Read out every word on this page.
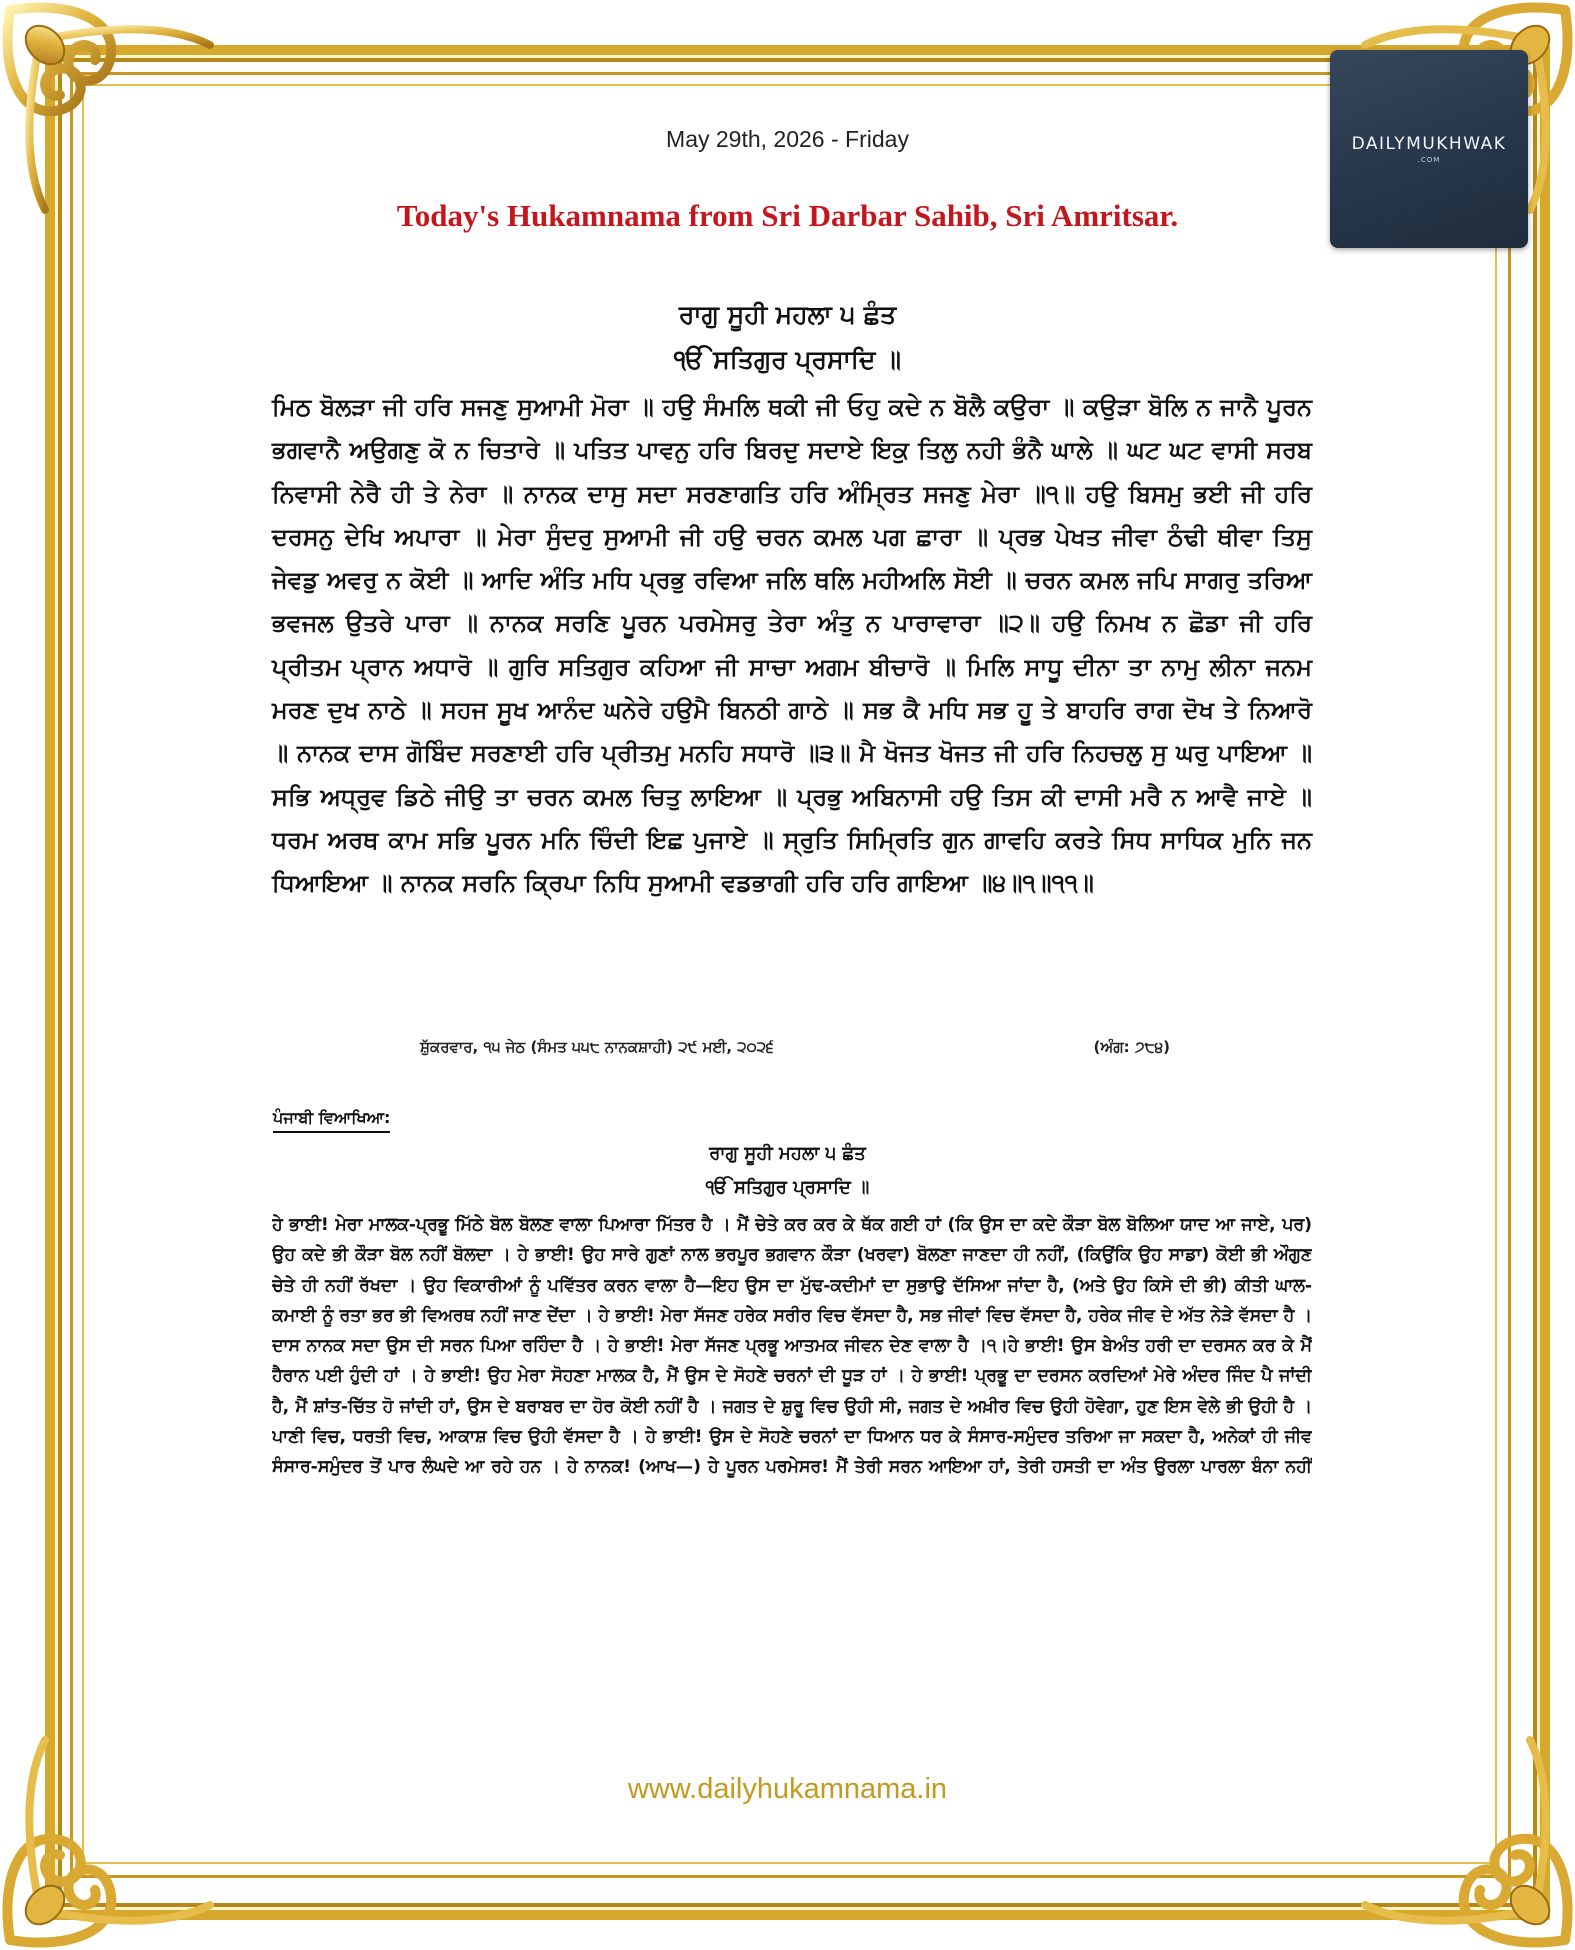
DAILYMUKHWAK
.COM
May 29th, 2026 - Friday
Today's Hukamnama from Sri Darbar Sahib, Sri Amritsar.
ਰਾਗੁ ਸੂਹੀ ਮਹਲਾ ੫ ਛੰਤ
ੴ ਸਤਿਗੁਰ ਪ੍ਰਸਾਦਿ ॥

ਮਿਠ ਬੋਲੜਾ ਜੀ ਹਰਿ ਸਜਣੁ ਸੁਆਮੀ ਮੋਰਾ ॥ ਹਉ ਸੰਮਲਿ ਥਕੀ ਜੀ ਓਹੁ ਕਦੇ ਨ ਬੋਲੈ ਕਉਰਾ ॥ ਕਉੜਾ ਬੋਲਿ ਨ ਜਾਨੈ ਪੂਰਨ ਭਗਵਾਨੈ ਅਉਗਣੁ ਕੋ ਨ ਚਿਤਾਰੇ ॥ ਪਤਿਤ ਪਾਵਨੁ ਹਰਿ ਬਿਰਦੁ ਸਦਾਏ ਇਕੁ ਤਿਲੁ ਨਹੀ ਭੰਨੈ ਘਾਲੇ ॥ ਘਟ ਘਟ ਵਾਸੀ ਸਰਬ ਨਿਵਾਸੀ ਨੇਰੈ ਹੀ ਤੇ ਨੇਰਾ ॥ ਨਾਨਕ ਦਾਸੁ ਸਦਾ ਸਰਣਾਗਤਿ ਹਰਿ ਅੰਮ੍ਰਿਤ ਸਜਣੁ ਮੇਰਾ ॥੧॥ ਹਉ ਬਿਸਮੁ ਭਈ ਜੀ ਹਰਿ ਦਰਸਨੁ ਦੇਖਿ ਅਪਾਰਾ ॥ ਮੇਰਾ ਸੁੰਦਰੁ ਸੁਆਮੀ ਜੀ ਹਉ ਚਰਨ ਕਮਲ ਪਗ ਛਾਰਾ ॥ ਪ੍ਰਭ ਪੇਖਤ ਜੀਵਾ ਠੰਢੀ ਥੀਵਾ ਤਿਸੁ ਜੇਵਡੁ ਅਵਰੁ ਨ ਕੋਈ ॥ ਆਦਿ ਅੰਤਿ ਮਧਿ ਪ੍ਰਭੁ ਰਵਿਆ ਜਲਿ ਥਲਿ ਮਹੀਅਲਿ ਸੋਈ ॥ ਚਰਨ ਕਮਲ ਜਪਿ ਸਾਗਰੁ ਤਰਿਆ ਭਵਜਲ ਉਤਰੇ ਪਾਰਾ ॥ ਨਾਨਕ ਸਰਣਿ ਪੂਰਨ ਪਰਮੇਸਰੁ ਤੇਰਾ ਅੰਤੁ ਨ ਪਾਰਾਵਾਰਾ ॥੨॥ ਹਉ ਨਿਮਖ ਨ ਛੋਡਾ ਜੀ ਹਰਿ ਪ੍ਰੀਤਮ ਪ੍ਰਾਨ ਅਧਾਰੋ ॥ ਗੁਰਿ ਸਤਿਗੁਰ ਕਹਿਆ ਜੀ ਸਾਚਾ ਅਗਮ ਬੀਚਾਰੋ ॥ ਮਿਲਿ ਸਾਧੂ ਦੀਨਾ ਤਾ ਨਾਮੁ ਲੀਨਾ ਜਨਮ ਮਰਣ ਦੁਖ ਨਾਠੇ ॥ ਸਹਜ ਸੂਖ ਆਨੰਦ ਘਨੇਰੇ ਹਉਮੈ ਬਿਨਠੀ ਗਾਠੇ ॥ ਸਭ ਕੈ ਮਧਿ ਸਭ ਹੂ ਤੇ ਬਾਹਰਿ ਰਾਗ ਦੋਖ ਤੇ ਨਿਆਰੋ ॥ ਨਾਨਕ ਦਾਸ ਗੋਬਿੰਦ ਸਰਣਾਈ ਹਰਿ ਪ੍ਰੀਤਮੁ ਮਨਹਿ ਸਧਾਰੋ ॥੩॥ ਮੈ ਖੋਜਤ ਖੋਜਤ ਜੀ ਹਰਿ ਨਿਹਚਲੁ ਸੁ ਘਰੁ ਪਾਇਆ ॥ ਸਭਿ ਅਧ੍ਰੁਵ ਡਿਠੇ ਜੀਉ ਤਾ ਚਰਨ ਕਮਲ ਚਿਤੁ ਲਾਇਆ ॥ ਪ੍ਰਭੁ ਅਬਿਨਾਸੀ ਹਉ ਤਿਸ ਕੀ ਦਾਸੀ ਮਰੈ ਨ ਆਵੈ ਜਾਏ ॥ ਧਰਮ ਅਰਥ ਕਾਮ ਸਭਿ ਪੂਰਨ ਮਨਿ ਚਿੰਦੀ ਇਛ ਪੁਜਾਏ ॥ ਸ੍ਰੁਤਿ ਸਿਮ੍ਰਿਤਿ ਗੁਨ ਗਾਵਹਿ ਕਰਤੇ ਸਿਧ ਸਾਧਿਕ ਮੁਨਿ ਜਨ ਧਿਆਇਆ ॥ ਨਾਨਕ ਸਰਨਿ ਕ੍ਰਿਪਾ ਨਿਧਿ ਸੁਆਮੀ ਵਡਭਾਗੀ ਹਰਿ ਹਰਿ ਗਾਇਆ ॥੪॥੧॥੧੧॥

ਸ਼ੁੱਕਰਵਾਰ, ੧੫ ਜੇਠ (ਸੰਮਤ ੫੫੮ ਨਾਨਕਸ਼ਾਹੀ) ੨੯ ਮਈ, ੨੦੨੬	(ਅੰਗ: ੭੮੪)
ਪੰਜਾਬੀ ਵਿਆਖਿਆ:
ਰਾਗੁ ਸੂਹੀ ਮਹਲਾ ੫ ਛੰਤ
ੴ ਸਤਿਗੁਰ ਪ੍ਰਸਾਦਿ ॥

ਹੇ ਭਾਈ! ਮੇਰਾ ਮਾਲਕ-ਪ੍ਰਭੂ ਮਿੱਠੇ ਬੋਲ ਬੋਲਣ ਵਾਲਾ ਪਿਆਰਾ ਮਿੱਤਰ ਹੈ । ਮੈਂ ਚੇਤੇ ਕਰ ਕਰ ਕੇ ਥੱਕ ਗਈ ਹਾਂ (ਕਿ ਉਸ ਦਾ ਕਦੇ ਕੌੜਾ ਬੋਲ ਬੋਲਿਆ ਯਾਦ ਆ ਜਾਏ, ਪਰ) ਉਹ ਕਦੇ ਭੀ ਕੌੜਾ ਬੋਲ ਨਹੀਂ ਬੋਲਦਾ । ਹੇ ਭਾਈ! ਉਹ ਸਾਰੇ ਗੁਣਾਂ ਨਾਲ ਭਰਪੂਰ ਭਗਵਾਨ ਕੌੜਾ (ਖਰਵਾ) ਬੋਲਣਾ ਜਾਣਦਾ ਹੀ ਨਹੀਂ, (ਕਿਉਂਕਿ ਉਹ ਸਾਡਾ) ਕੋਈ ਭੀ ਔਗੁਣ ਚੇਤੇ ਹੀ ਨਹੀਂ ਰੱਖਦਾ । ਉਹ ਵਿਕਾਰੀਆਂ ਨੂੰ ਪਵਿੱਤਰ ਕਰਨ ਵਾਲਾ ਹੈ—ਇਹ ਉਸ ਦਾ ਮੁੱਢ-ਕਦੀਮਾਂ ਦਾ ਸੁਭਾਉ ਦੱਸਿਆ ਜਾਂਦਾ ਹੈ, (ਅਤੇ ਉਹ ਕਿਸੇ ਦੀ ਭੀ) ਕੀਤੀ ਘਾਲ-ਕਮਾਈ ਨੂੰ ਰਤਾ ਭਰ ਭੀ ਵਿਅਰਥ ਨਹੀਂ ਜਾਣ ਦੇਂਦਾ । ਹੇ ਭਾਈ! ਮੇਰਾ ਸੱਜਣ ਹਰੇਕ ਸਰੀਰ ਵਿਚ ਵੱਸਦਾ ਹੈ, ਸਭ ਜੀਵਾਂ ਵਿਚ ਵੱਸਦਾ ਹੈ, ਹਰੇਕ ਜੀਵ ਦੇ ਅੱਤ ਨੇੜੇ ਵੱਸਦਾ ਹੈ । ਦਾਸ ਨਾਨਕ ਸਦਾ ਉਸ ਦੀ ਸਰਨ ਪਿਆ ਰਹਿੰਦਾ ਹੈ । ਹੇ ਭਾਈ! ਮੇਰਾ ਸੱਜਣ ਪ੍ਰਭੂ ਆਤਮਕ ਜੀਵਨ ਦੇਣ ਵਾਲਾ ਹੈ ।੧।ਹੇ ਭਾਈ! ਉਸ ਬੇਅੰਤ ਹਰੀ ਦਾ ਦਰਸਨ ਕਰ ਕੇ ਮੈਂ ਹੈਰਾਨ ਪਈ ਹੁੰਦੀ ਹਾਂ । ਹੇ ਭਾਈ! ਉਹ ਮੇਰਾ ਸੋਹਣਾ ਮਾਲਕ ਹੈ, ਮੈਂ ਉਸ ਦੇ ਸੋਹਣੇ ਚਰਨਾਂ ਦੀ ਧੂੜ ਹਾਂ । ਹੇ ਭਾਈ! ਪ੍ਰਭੂ ਦਾ ਦਰਸਨ ਕਰਦਿਆਂ ਮੇਰੇ ਅੰਦਰ ਜਿੰਦ ਪੈ ਜਾਂਦੀ ਹੈ, ਮੈਂ ਸ਼ਾਂਤ-ਚਿੱਤ ਹੋ ਜਾਂਦੀ ਹਾਂ, ਉਸ ਦੇ ਬਰਾਬਰ ਦਾ ਹੋਰ ਕੋਈ ਨਹੀਂ ਹੈ । ਜਗਤ ਦੇ ਸ਼ੁਰੂ ਵਿਚ ਉਹੀ ਸੀ, ਜਗਤ ਦੇ ਅਖ਼ੀਰ ਵਿਚ ਉਹੀ ਹੋਵੇਗਾ, ਹੁਣ ਇਸ ਵੇਲੇ ਭੀ ਉਹੀ ਹੈ । ਪਾਣੀ ਵਿਚ, ਧਰਤੀ ਵਿਚ, ਆਕਾਸ਼ ਵਿਚ ਉਹੀ ਵੱਸਦਾ ਹੈ । ਹੇ ਭਾਈ! ਉਸ ਦੇ ਸੋਹਣੇ ਚਰਨਾਂ ਦਾ ਧਿਆਨ ਧਰ ਕੇ ਸੰਸਾਰ-ਸਮੁੰਦਰ ਤਰਿਆ ਜਾ ਸਕਦਾ ਹੈ, ਅਨੇਕਾਂ ਹੀ ਜੀਵ ਸੰਸਾਰ-ਸਮੁੰਦਰ ਤੋਂ ਪਾਰ ਲੰਘਦੇ ਆ ਰਹੇ ਹਨ । ਹੇ ਨਾਨਕ! (ਆਖ—) ਹੇ ਪੂਰਨ ਪਰਮੇਸਰ! ਮੈਂ ਤੇਰੀ ਸਰਨ ਆਇਆ ਹਾਂ, ਤੇਰੀ ਹਸਤੀ ਦਾ ਅੰਤ ਉਰਲਾ ਪਾਰਲਾ ਬੰਨਾ ਨਹੀਂ

www.dailyhukamnama.in
